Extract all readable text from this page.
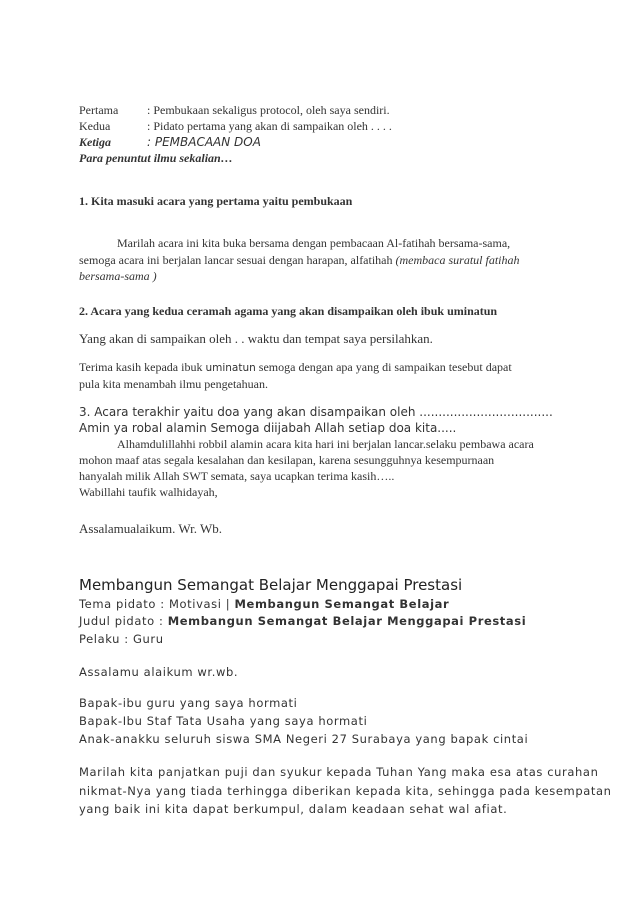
Pertama : Pembukaan sekaligus protocol, oleh saya sendiri.
Kedua	: Pidato pertama yang akan di sampaikan oleh . . . .
Ketiga	: PEMBACAAN DOA
Para penuntut ilmu sekalian…
1. Kita masuki acara yang pertama yaitu pembukaan
Marilah acara ini kita buka bersama dengan pembacaan Al-fatihah bersama-sama,
semoga acara ini berjalan lancar sesuai dengan harapan, alfatihah (membaca suratul fatihah
bersama-sama )
2. Acara yang kedua ceramah agama yang akan disampaikan oleh ibuk uminatun
Yang akan di sampaikan oleh . . waktu dan tempat saya persilahkan.
Terima kasih kepada ibuk uminatun semoga dengan apa yang di sampaikan tesebut dapat
pula kita menambah ilmu pengetahuan.
3. Acara terakhir yaitu doa yang akan disampaikan oleh ...................................
Amin ya robal alamin Semoga diijabah Allah setiap doa kita.....
Alhamdulillahhi robbil alamin acara kita hari ini berjalan lancar.selaku pembawa acara
mohon maaf atas segala kesalahan dan kesilapan, karena sesungguhnya kesempurnaan
hanyalah milik Allah SWT semata, saya ucapkan terima kasih…..
Wabillahi taufik walhidayah,
Assalamualaikum. Wr. Wb.
Membangun Semangat Belajar Menggapai Prestasi
Tema pidato : Motivasi | Membangun Semangat Belajar
Judul pidato : Membangun Semangat Belajar Menggapai Prestasi
Pelaku : Guru
Assalamu alaikum wr.wb.
Bapak-ibu guru yang saya hormati
Bapak-Ibu Staf Tata Usaha yang saya hormati
Anak-anakku seluruh siswa SMA Negeri 27 Surabaya yang bapak cintai
Marilah kita panjatkan puji dan syukur kepada Tuhan Yang maka esa atas curahan
nikmat-Nya yang tiada terhingga diberikan kepada kita, sehingga pada kesempatan
yang baik ini kita dapat berkumpul, dalam keadaan sehat wal afiat.
